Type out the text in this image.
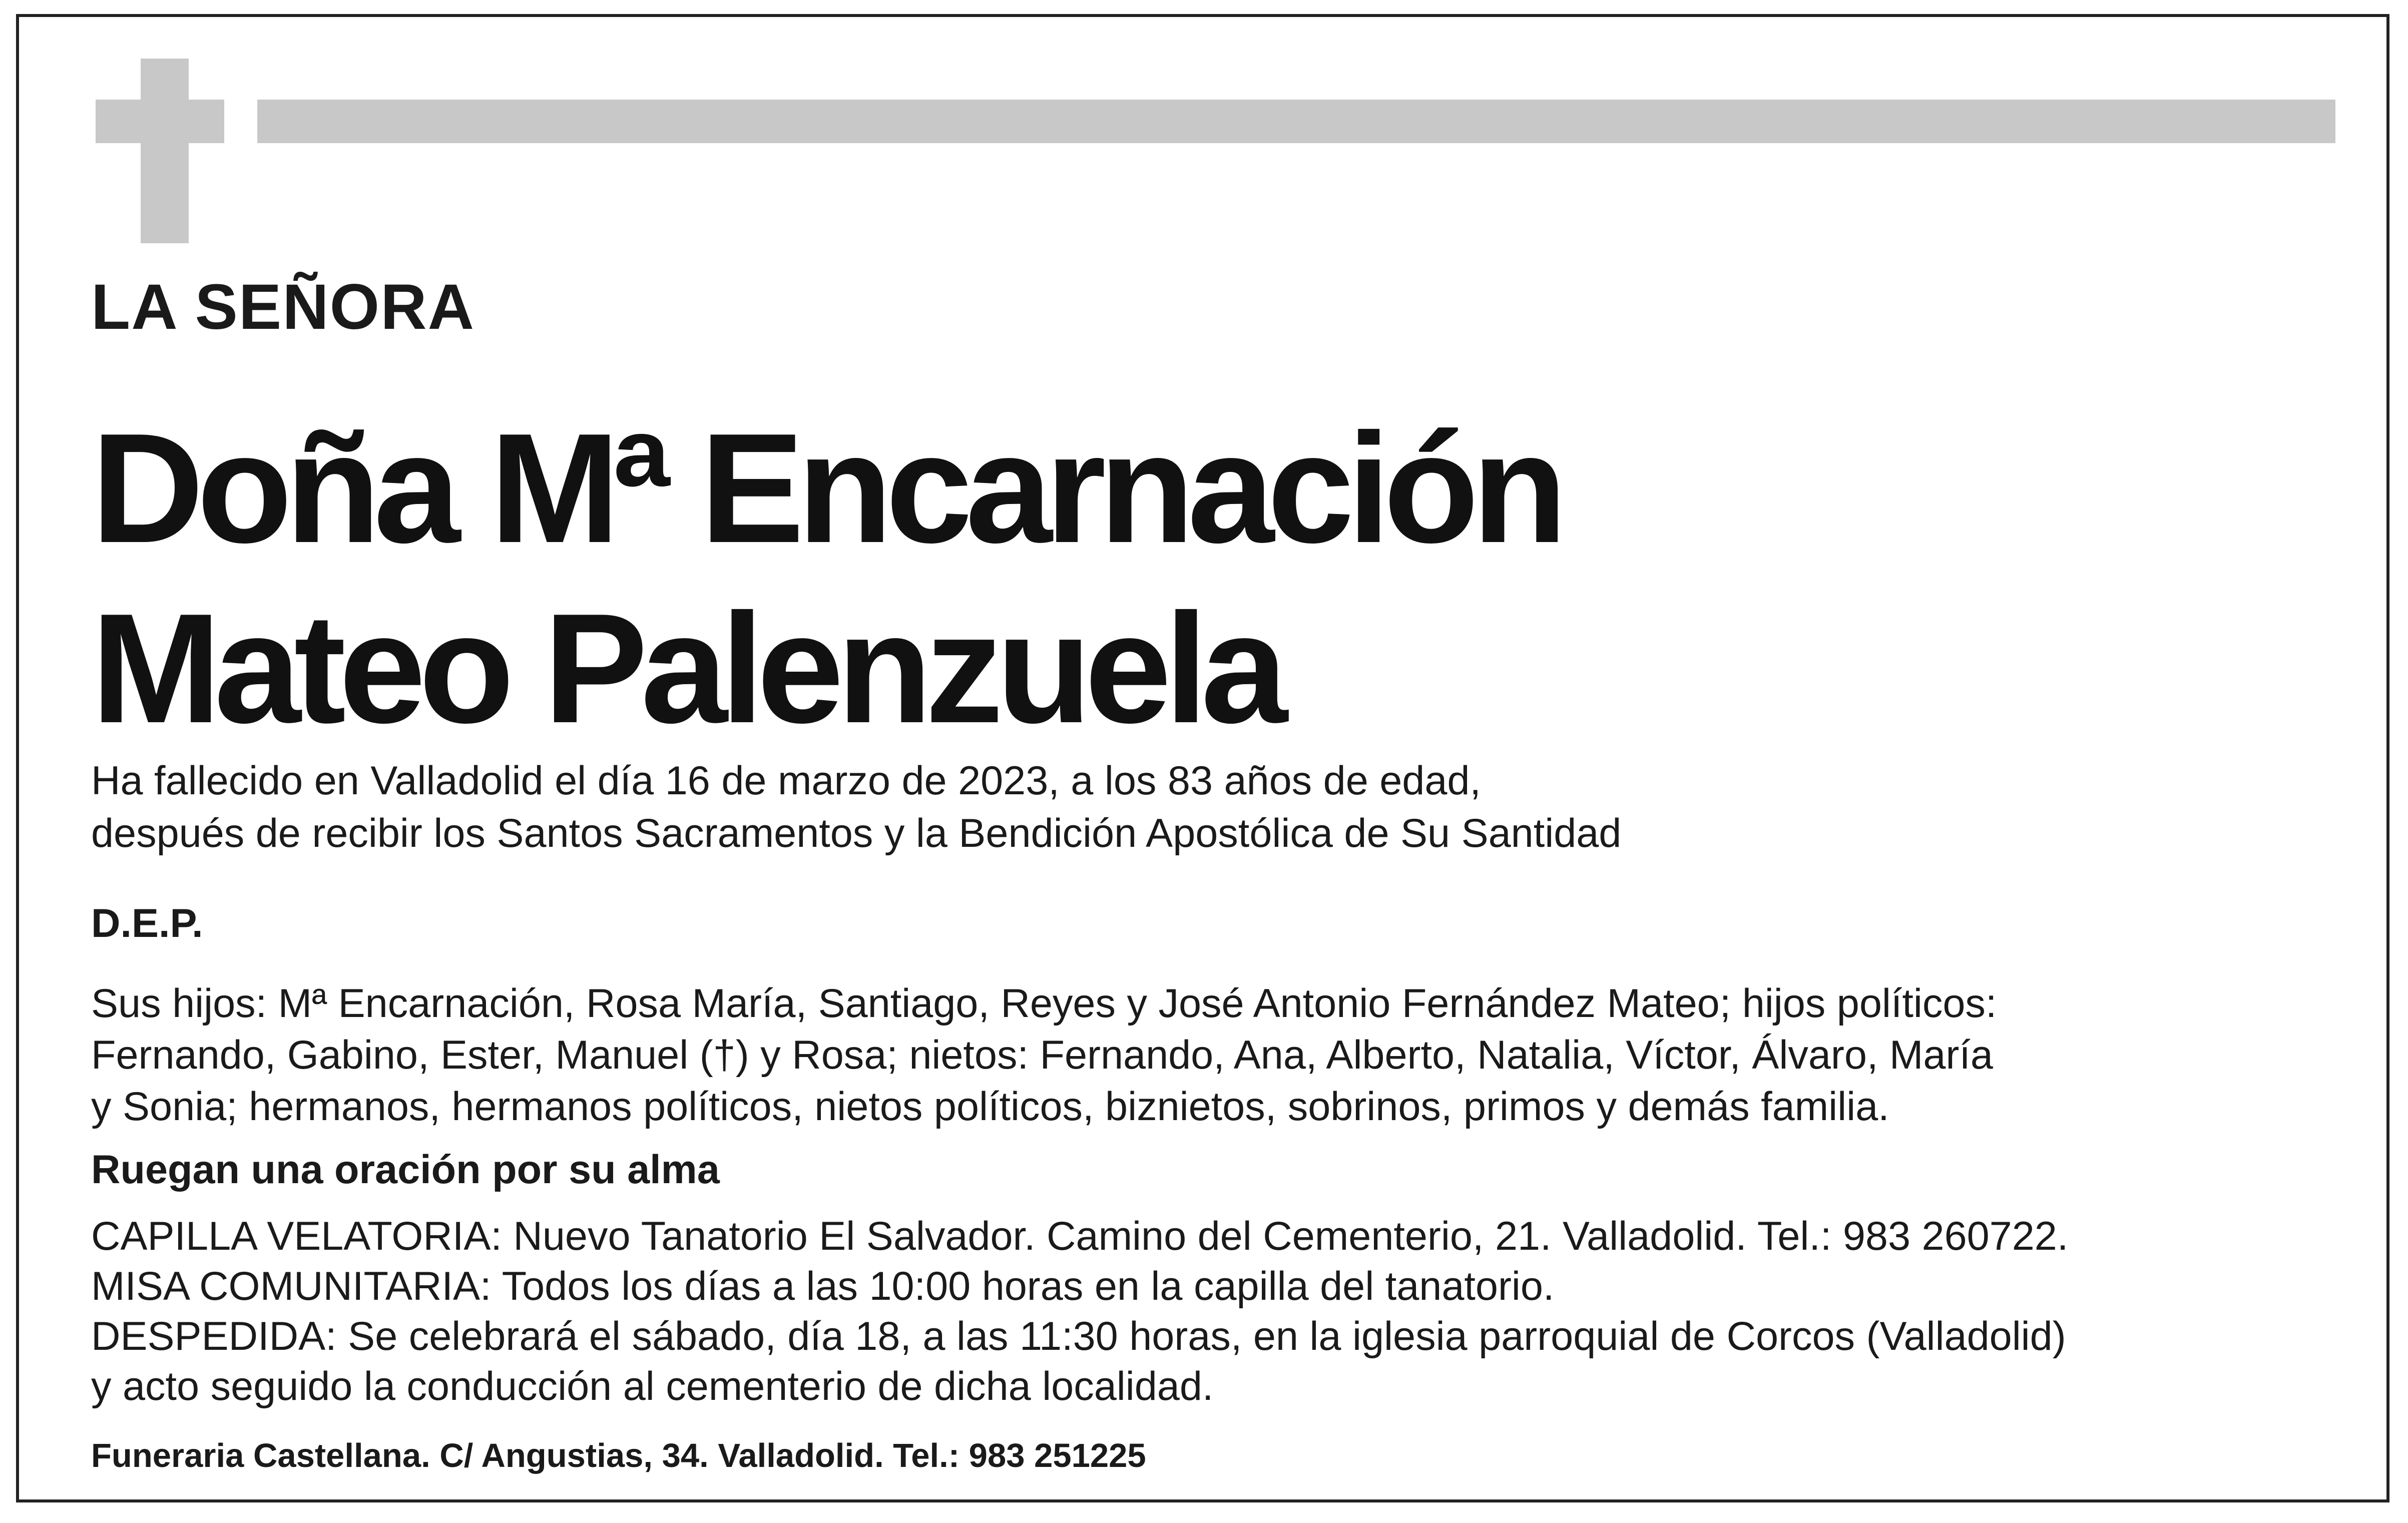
LA SEÑORA

Doña Mª Encarnación

Mateo Palenzuela

Ha fallecido en Valladolid el día 16 de marzo de 2023, a los 83 años de edad,

después de recibir los Santos Sacramentos y la Bendición Apostólica de Su Santidad

D.E.P.

Sus hijos: Mª Encarnación, Rosa María, Santiago, Reyes y José Antonio Fernández Mateo; hijos políticos:

Fernando, Gabino, Ester, Manuel (†) y Rosa; nietos: Fernando, Ana, Alberto, Natalia, Víctor, Álvaro, María

y Sonia; hermanos, hermanos políticos, nietos políticos, biznietos, sobrinos, primos y demás familia.

Ruegan una oración por su alma

CAPILLA VELATORIA: Nuevo Tanatorio El Salvador. Camino del Cementerio, 21. Valladolid. Tel.: 983 260722.

MISA COMUNITARIA: Todos los días a las 10:00 horas en la capilla del tanatorio.

DESPEDIDA: Se celebrará el sábado, día 18, a las 11:30 horas, en la iglesia parroquial de Corcos (Valladolid)

y acto seguido la conducción al cementerio de dicha localidad.

Funeraria Castellana. C/ Angustias, 34. Valladolid. Tel.: 983 251225
